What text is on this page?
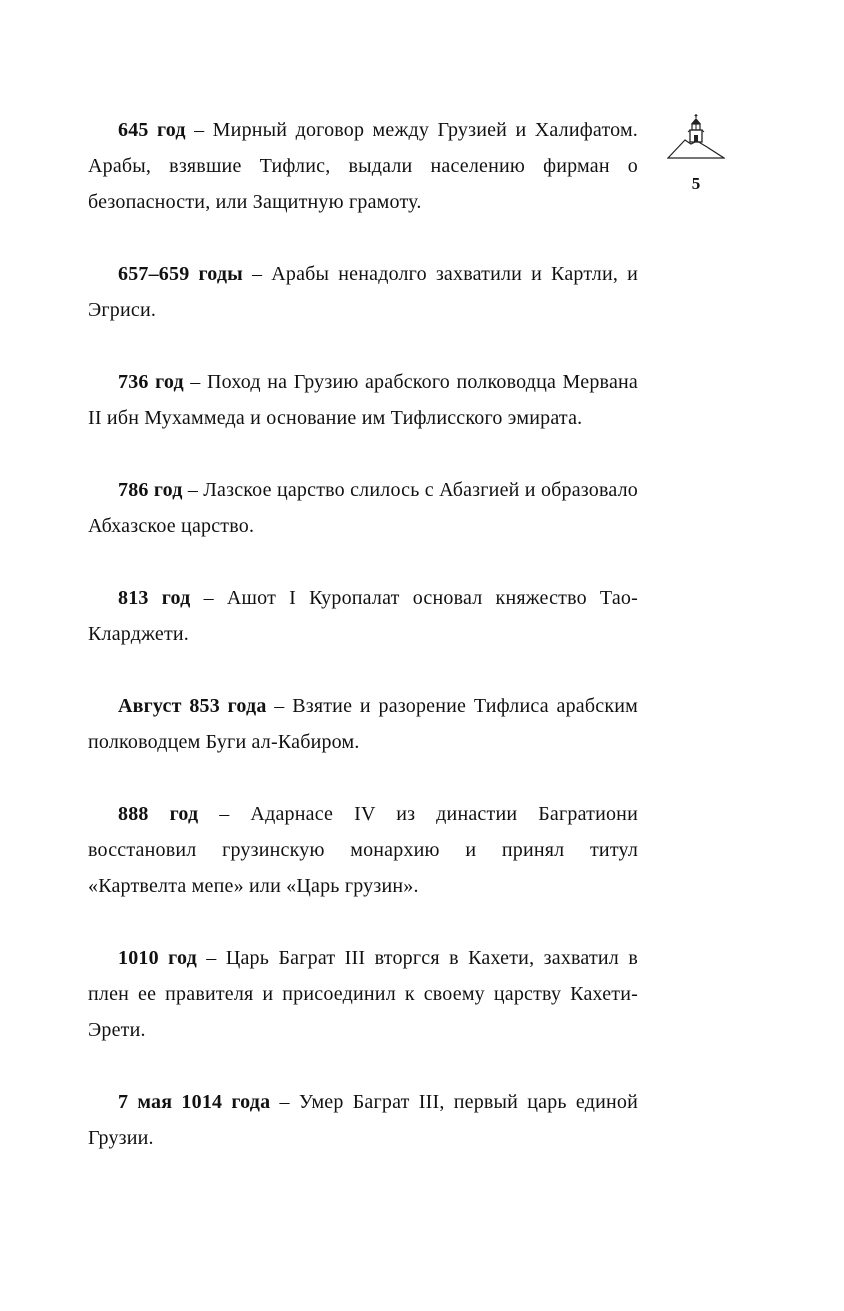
5

645 год – Мирный договор между Грузией и Халифатом. Арабы, взявшие Тифлис, выдали населению фирман о безопасности, или Защитную грамоту.

657–659 годы – Арабы ненадолго захватили и Картли, и Эгриси.

736 год – Поход на Грузию арабского полководца Мервана II ибн Мухаммеда и основание им Тифлисского эмирата.

786 год – Лазское царство слилось с Абазгией и образовало Абхазское царство.

813 год – Ашот I Куропалат основал княжество Тао-Кларджети.

Август 853 года – Взятие и разорение Тифлиса арабским полководцем Буги ал-Кабиром.

888 год – Адарнасе IV из династии Багратиони восстановил грузинскую монархию и принял титул «Картвелта мепе» или «Царь грузин».

1010 год – Царь Баграт III вторгся в Кахети, захватил в плен ее правителя и присоединил к своему царству Кахети-Эрети.

7 мая 1014 года – Умер Баграт III, первый царь единой Грузии.
